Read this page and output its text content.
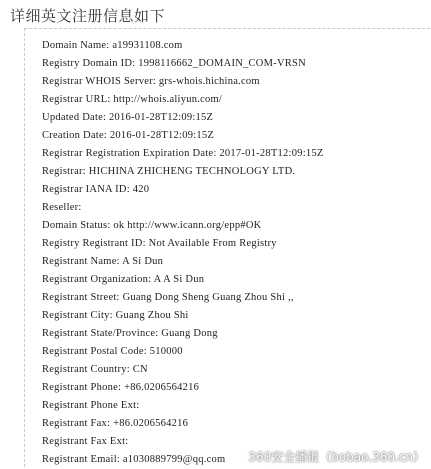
详细英文注册信息如下
Domain Name: a19931108.com
Registry Domain ID: 1998116662_DOMAIN_COM-VRSN
Registrar WHOIS Server: grs-whois.hichina.com
Registrar URL: http://whois.aliyun.com/
Updated Date: 2016-01-28T12:09:15Z
Creation Date: 2016-01-28T12:09:15Z
Registrar Registration Expiration Date: 2017-01-28T12:09:15Z
Registrar: HICHINA ZHICHENG TECHNOLOGY LTD.
Registrar IANA ID: 420
Reseller:
Domain Status: ok http://www.icann.org/epp#OK
Registry Registrant ID: Not Available From Registry
Registrant Name: A Si Dun
Registrant Organization: A A Si Dun
Registrant Street: Guang Dong Sheng Guang Zhou Shi ,,
Registrant City: Guang Zhou Shi
Registrant State/Province: Guang Dong
Registrant Postal Code: 510000
Registrant Country: CN
Registrant Phone: +86.0206564216
Registrant Phone Ext:
Registrant Fax: +86.0206564216
Registrant Fax Ext:
Registrant Email: a1030889799@qq.com	360安全播报（bobao.360.cn）
